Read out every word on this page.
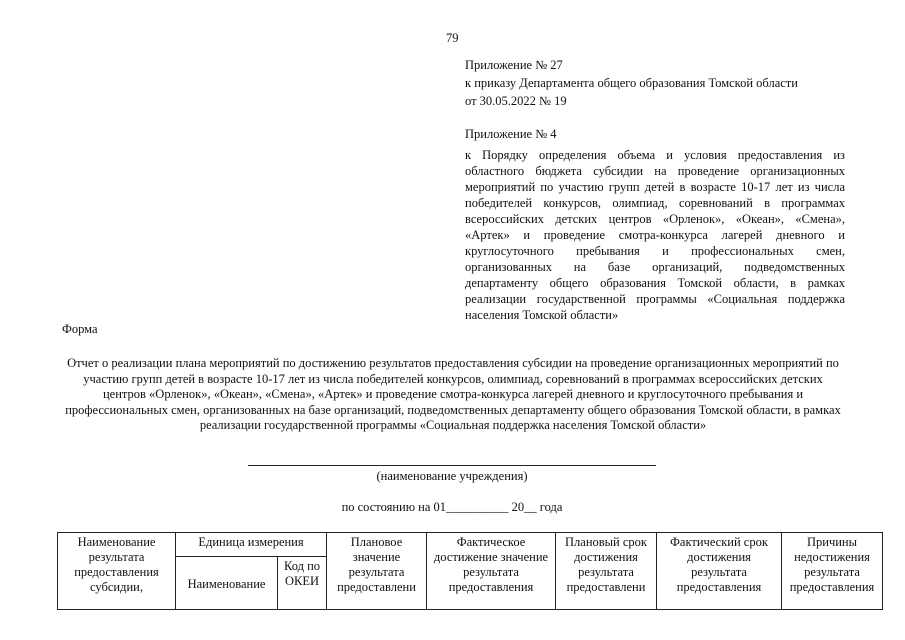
79
Приложение № 27
к приказу Департамента общего образования Томской области
от 30.05.2022 № 19
Приложение № 4

к Порядку определения объема и условия предоставления из областного бюджета субсидии на проведение организационных мероприятий по участию групп детей в возрасте 10-17 лет из числа победителей конкурсов, олимпиад, соревнований в программах всероссийских детских центров «Орленок», «Океан», «Смена», «Артек» и проведение смотра-конкурса лагерей дневного и круглосуточного пребывания и профессиональных смен, организованных на базе организаций, подведомственных департаменту общего образования Томской области, в рамках реализации государственной программы «Социальная поддержка населения Томской области»

Форма

Отчет о реализации плана мероприятий по достижению результатов предоставления субсидии на проведение организационных мероприятий по участию групп детей в возрасте 10-17 лет из числа победителей конкурсов, олимпиад, соревнований в программах всероссийских детских центров «Орленок», «Океан», «Смена», «Артек» и проведение смотра-конкурса лагерей дневного и круглосуточного пребывания и профессиональных смен, организованных на базе организаций, подведомственных департаменту общего образования Томской области, в рамках реализации государственной программы «Социальная поддержка населения Томской области»

(наименование учреждения)
по состоянию на 01__________ 20__ года
Наименование результата предоставления субсидии,	Единица измерения		Плановое значение результата предоставлени	Фактическое достижение значение результата предоставления	Плановый срок достижения результата предоставлени	Фактический срок достижения результата предоставления	Причины недостижения результата предоставления
	Наименование	Код по ОКЕИ					
